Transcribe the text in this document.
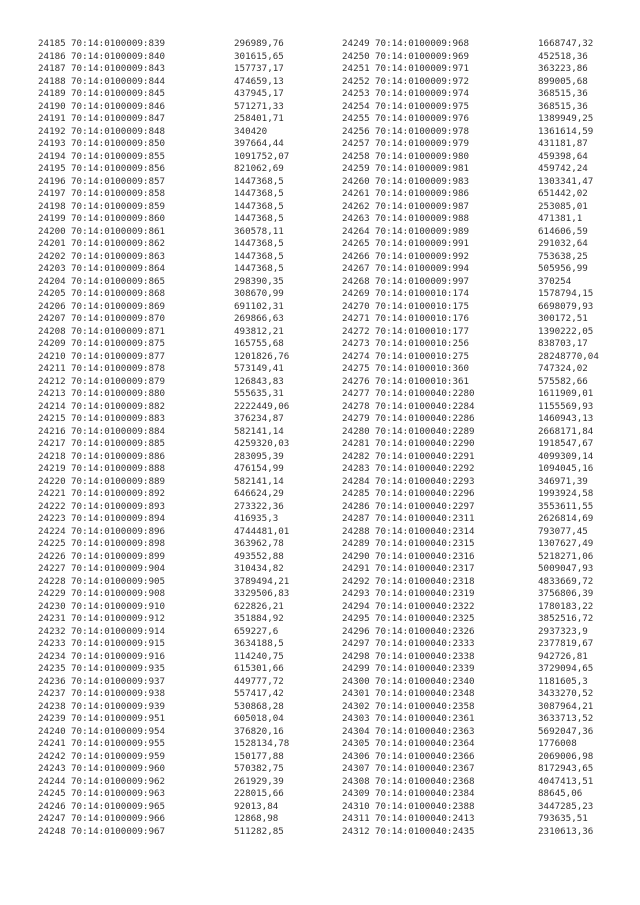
24185 70:14:0100009:839	296989,76
24186 70:14:0100009:840	301615,65
24187 70:14:0100009:843	157737,17
24188 70:14:0100009:844	474659,13
24189 70:14:0100009:845	437945,17
24190 70:14:0100009:846	571271,33
24191 70:14:0100009:847	258401,71
24192 70:14:0100009:848	340420
24193 70:14:0100009:850	397664,44
24194 70:14:0100009:855	1091752,07
24195 70:14:0100009:856	821062,69
24196 70:14:0100009:857	1447368,5
24197 70:14:0100009:858	1447368,5
24198 70:14:0100009:859	1447368,5
24199 70:14:0100009:860	1447368,5
24200 70:14:0100009:861	360578,11
24201 70:14:0100009:862	1447368,5
24202 70:14:0100009:863	1447368,5
24203 70:14:0100009:864	1447368,5
24204 70:14:0100009:865	298390,35
24205 70:14:0100009:868	308670,99
24206 70:14:0100009:869	691102,31
24207 70:14:0100009:870	269866,63
24208 70:14:0100009:871	493812,21
24209 70:14:0100009:875	165755,68
24210 70:14:0100009:877	1201826,76
24211 70:14:0100009:878	573149,41
24212 70:14:0100009:879	126843,83
24213 70:14:0100009:880	555635,31
24214 70:14:0100009:882	2222449,06
24215 70:14:0100009:883	376234,87
24216 70:14:0100009:884	582141,14
24217 70:14:0100009:885	4259320,03
24218 70:14:0100009:886	283095,39
24219 70:14:0100009:888	476154,99
24220 70:14:0100009:889	582141,14
24221 70:14:0100009:892	646624,29
24222 70:14:0100009:893	273322,36
24223 70:14:0100009:894	416935,3
24224 70:14:0100009:896	4744481,01
24225 70:14:0100009:898	363962,78
24226 70:14:0100009:899	493552,88
24227 70:14:0100009:904	310434,82
24228 70:14:0100009:905	3789494,21
24229 70:14:0100009:908	3329506,83
24230 70:14:0100009:910	622826,21
24231 70:14:0100009:912	351884,92
24232 70:14:0100009:914	659227,6
24233 70:14:0100009:915	3634188,5
24234 70:14:0100009:916	114240,75
24235 70:14:0100009:935	615301,66
24236 70:14:0100009:937	449777,72
24237 70:14:0100009:938	557417,42
24238 70:14:0100009:939	530868,28
24239 70:14:0100009:951	605018,04
24240 70:14:0100009:954	376820,16
24241 70:14:0100009:955	1528134,78
24242 70:14:0100009:959	150177,88
24243 70:14:0100009:960	570382,75
24244 70:14:0100009:962	261929,39
24245 70:14:0100009:963	228015,66
24246 70:14:0100009:965	92013,84
24247 70:14:0100009:966	12868,98
24248 70:14:0100009:967	511282,85
24249 70:14:0100009:968	1668747,32
24250 70:14:0100009:969	452518,36
24251 70:14:0100009:971	363223,86
24252 70:14:0100009:972	899005,68
24253 70:14:0100009:974	368515,36
24254 70:14:0100009:975	368515,36
24255 70:14:0100009:976	1389949,25
24256 70:14:0100009:978	1361614,59
24257 70:14:0100009:979	431181,87
24258 70:14:0100009:980	459398,64
24259 70:14:0100009:981	459742,24
24260 70:14:0100009:983	1303341,47
24261 70:14:0100009:986	651442,02
24262 70:14:0100009:987	253085,01
24263 70:14:0100009:988	471381,1
24264 70:14:0100009:989	614606,59
24265 70:14:0100009:991	291032,64
24266 70:14:0100009:992	753638,25
24267 70:14:0100009:994	505956,99
24268 70:14:0100009:997	370254
24269 70:14:0100010:174	1578794,15
24270 70:14:0100010:175	6698079,93
24271 70:14:0100010:176	300172,51
24272 70:14:0100010:177	1390222,05
24273 70:14:0100010:256	838703,17
24274 70:14:0100010:275	28248770,04
24275 70:14:0100010:360	747324,02
24276 70:14:0100010:361	575582,66
24277 70:14:0100040:2280	1611909,01
24278 70:14:0100040:2284	1155569,93
24279 70:14:0100040:2286	1460943,13
24280 70:14:0100040:2289	2668171,84
24281 70:14:0100040:2290	1918547,67
24282 70:14:0100040:2291	4099309,14
24283 70:14:0100040:2292	1094045,16
24284 70:14:0100040:2293	346971,39
24285 70:14:0100040:2296	1993924,58
24286 70:14:0100040:2297	3553611,55
24287 70:14:0100040:2311	2626814,69
24288 70:14:0100040:2314	793077,45
24289 70:14:0100040:2315	1307627,49
24290 70:14:0100040:2316	5218271,06
24291 70:14:0100040:2317	5009047,93
24292 70:14:0100040:2318	4833669,72
24293 70:14:0100040:2319	3756806,39
24294 70:14:0100040:2322	1780183,22
24295 70:14:0100040:2325	3852516,72
24296 70:14:0100040:2326	2937323,9
24297 70:14:0100040:2333	2377819,67
24298 70:14:0100040:2338	942726,81
24299 70:14:0100040:2339	3729094,65
24300 70:14:0100040:2340	1181605,3
24301 70:14:0100040:2348	3433270,52
24302 70:14:0100040:2358	3087964,21
24303 70:14:0100040:2361	3633713,52
24304 70:14:0100040:2363	5692047,36
24305 70:14:0100040:2364	1776008
24306 70:14:0100040:2366	2069006,98
24307 70:14:0100040:2367	8172943,65
24308 70:14:0100040:2368	4047413,51
24309 70:14:0100040:2384	88645,06
24310 70:14:0100040:2388	3447285,23
24311 70:14:0100040:2413	793635,51
24312 70:14:0100040:2435	2310613,36
